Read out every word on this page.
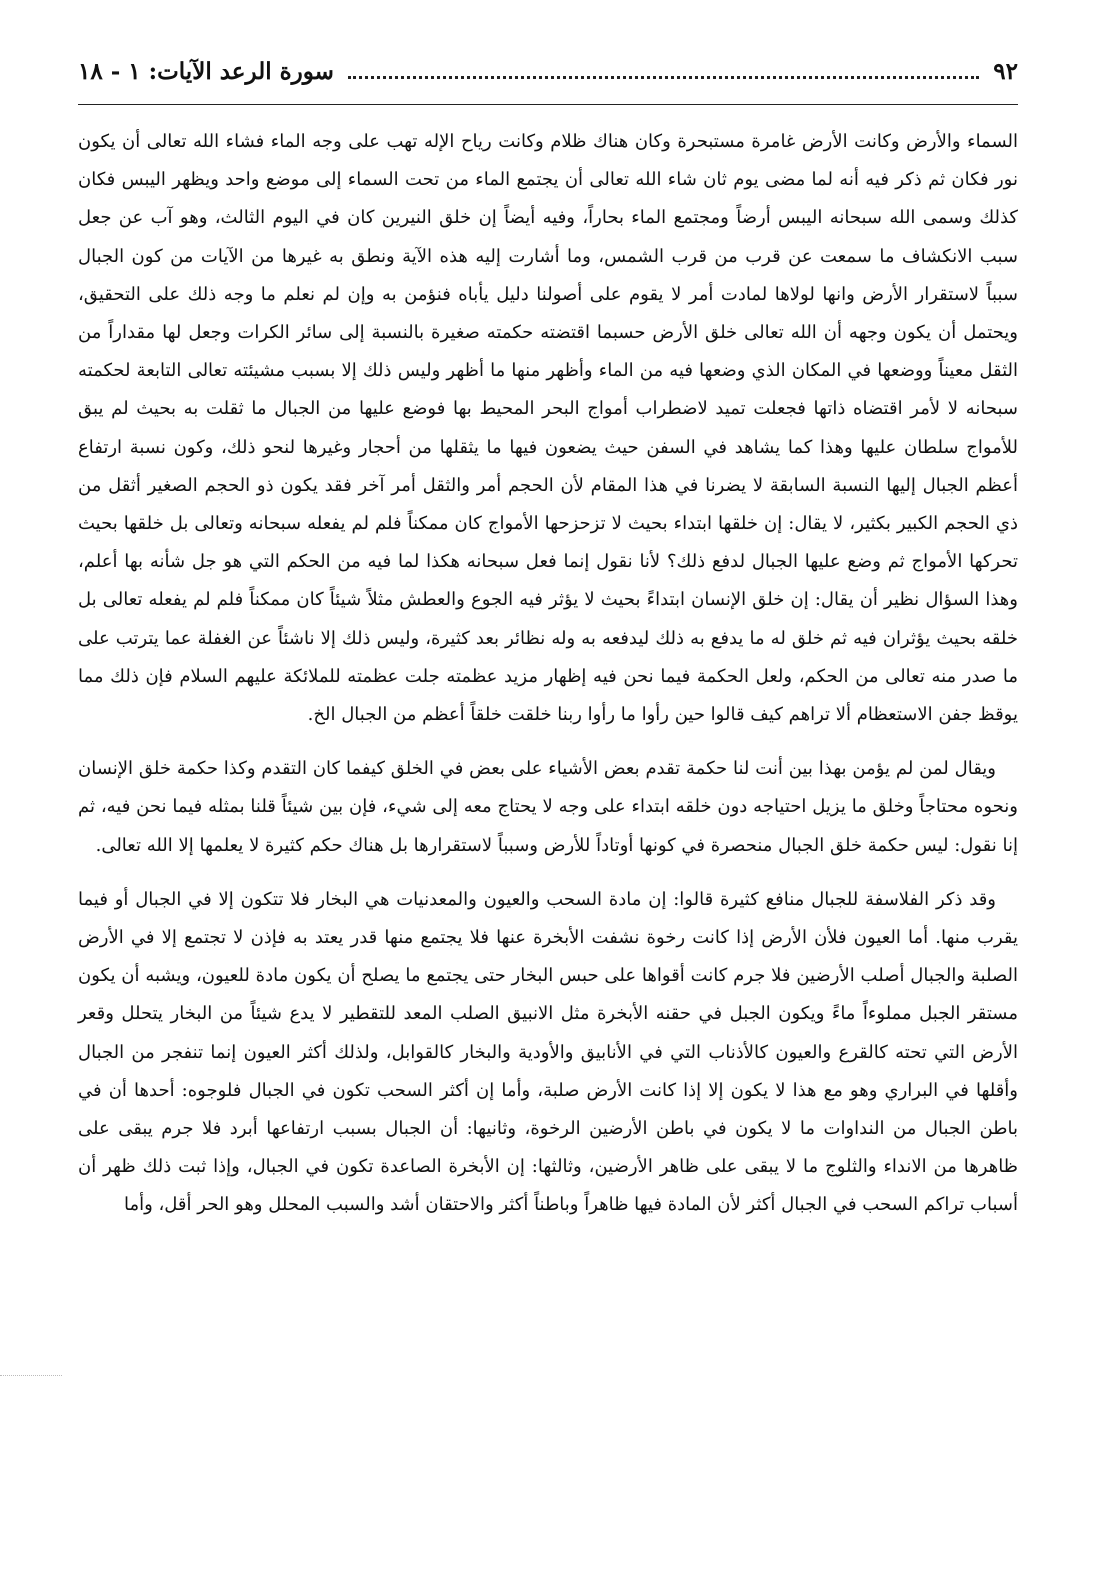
٩٢
سورة الرعد الآيات: ١ - ١٨

السماء والأرض وكانت الأرض غامرة مستبحرة وكان هناك ظلام وكانت رياح الإله تهب على وجه الماء فشاء الله تعالى أن يكون نور فكان ثم ذكر فيه أنه لما مضى يوم ثان شاء الله تعالى أن يجتمع الماء من تحت السماء إلى موضع واحد ويظهر اليبس فكان كذلك وسمى الله سبحانه اليبس أرضاً ومجتمع الماء بحاراً، وفيه أيضاً إن خلق النيرين كان في اليوم الثالث، وهو آب عن جعل سبب الانكشاف ما سمعت عن قرب من قرب الشمس، وما أشارت إليه هذه الآية ونطق به غيرها من الآيات من كون الجبال سبباً لاستقرار الأرض وانها لولاها لمادت أمر لا يقوم على أصولنا دليل يأباه فنؤمن به وإن لم نعلم ما وجه ذلك على التحقيق، ويحتمل أن يكون وجهه أن الله تعالى خلق الأرض حسبما اقتضته حكمته صغيرة بالنسبة إلى سائر الكرات وجعل لها مقداراً من الثقل معيناً ووضعها في المكان الذي وضعها فيه من الماء وأظهر منها ما أظهر وليس ذلك إلا بسبب مشيئته تعالى التابعة لحكمته سبحانه لا لأمر اقتضاه ذاتها فجعلت تميد لاضطراب أمواج البحر المحيط بها فوضع عليها من الجبال ما ثقلت به بحيث لم يبق للأمواج سلطان عليها وهذا كما يشاهد في السفن حيث يضعون فيها ما يثقلها من أحجار وغيرها لنحو ذلك، وكون نسبة ارتفاع أعظم الجبال إليها النسبة السابقة لا يضرنا في هذا المقام لأن الحجم أمر والثقل أمر آخر فقد يكون ذو الحجم الصغير أثقل من ذي الحجم الكبير بكثير، لا يقال: إن خلقها ابتداء بحيث لا تزحزحها الأمواج كان ممكناً فلم لم يفعله سبحانه وتعالى بل خلقها بحيث تحركها الأمواج ثم وضع عليها الجبال لدفع ذلك؟ لأنا نقول إنما فعل سبحانه هكذا لما فيه من الحكم التي هو جل شأنه بها أعلم، وهذا السؤال نظير أن يقال: إن خلق الإنسان ابتداءً بحيث لا يؤثر فيه الجوع والعطش مثلاً شيئاً كان ممكناً فلم لم يفعله تعالى بل خلقه بحيث يؤثران فيه ثم خلق له ما يدفع به ذلك ليدفعه به وله نظائر بعد كثيرة، وليس ذلك إلا ناشئاً عن الغفلة عما يترتب على ما صدر منه تعالى من الحكم، ولعل الحكمة فيما نحن فيه إظهار مزيد عظمته جلت عظمته للملائكة عليهم السلام فإن ذلك مما يوقظ جفن الاستعظام ألا تراهم كيف قالوا حين رأوا ما رأوا ربنا خلقت خلقاً أعظم من الجبال الخ.

ويقال لمن لم يؤمن بهذا بين أنت لنا حكمة تقدم بعض الأشياء على بعض في الخلق كيفما كان التقدم وكذا حكمة خلق الإنسان ونحوه محتاجاً وخلق ما يزيل احتياجه دون خلقه ابتداء على وجه لا يحتاج معه إلى شيء، فإن بين شيئاً قلنا بمثله فيما نحن فيه، ثم إنا نقول: ليس حكمة خلق الجبال منحصرة في كونها أوتاداً للأرض وسبباً لاستقرارها بل هناك حكم كثيرة لا يعلمها إلا الله تعالى.

وقد ذكر الفلاسفة للجبال منافع كثيرة قالوا: إن مادة السحب والعيون والمعدنيات هي البخار فلا تتكون إلا في الجبال أو فيما يقرب منها. أما العيون فلأن الأرض إذا كانت رخوة نشفت الأبخرة عنها فلا يجتمع منها قدر يعتد به فإذن لا تجتمع إلا في الأرض الصلبة والجبال أصلب الأرضين فلا جرم كانت أقواها على حبس البخار حتى يجتمع ما يصلح أن يكون مادة للعيون، ويشبه أن يكون مستقر الجبل مملوءاً ماءً ويكون الجبل في حقنه الأبخرة مثل الانبيق الصلب المعد للتقطير لا يدع شيئاً من البخار يتحلل وقعر الأرض التي تحته كالقرع والعيون كالأذناب التي في الأنابيق والأودية والبخار كالقوابل، ولذلك أكثر العيون إنما تنفجر من الجبال وأقلها في البراري وهو مع هذا لا يكون إلا إذا كانت الأرض صلبة، وأما إن أكثر السحب تكون في الجبال فلوجوه: أحدها أن في باطن الجبال من النداوات ما لا يكون في باطن الأرضين الرخوة، وثانيها: أن الجبال بسبب ارتفاعها أبرد فلا جرم يبقى على ظاهرها من الانداء والثلوج ما لا يبقى على ظاهر الأرضين، وثالثها: إن الأبخرة الصاعدة تكون في الجبال، وإذا ثبت ذلك ظهر أن أسباب تراكم السحب في الجبال أكثر لأن المادة فيها ظاهراً وباطناً أكثر والاحتقان أشد والسبب المحلل وهو الحر أقل، وأما
